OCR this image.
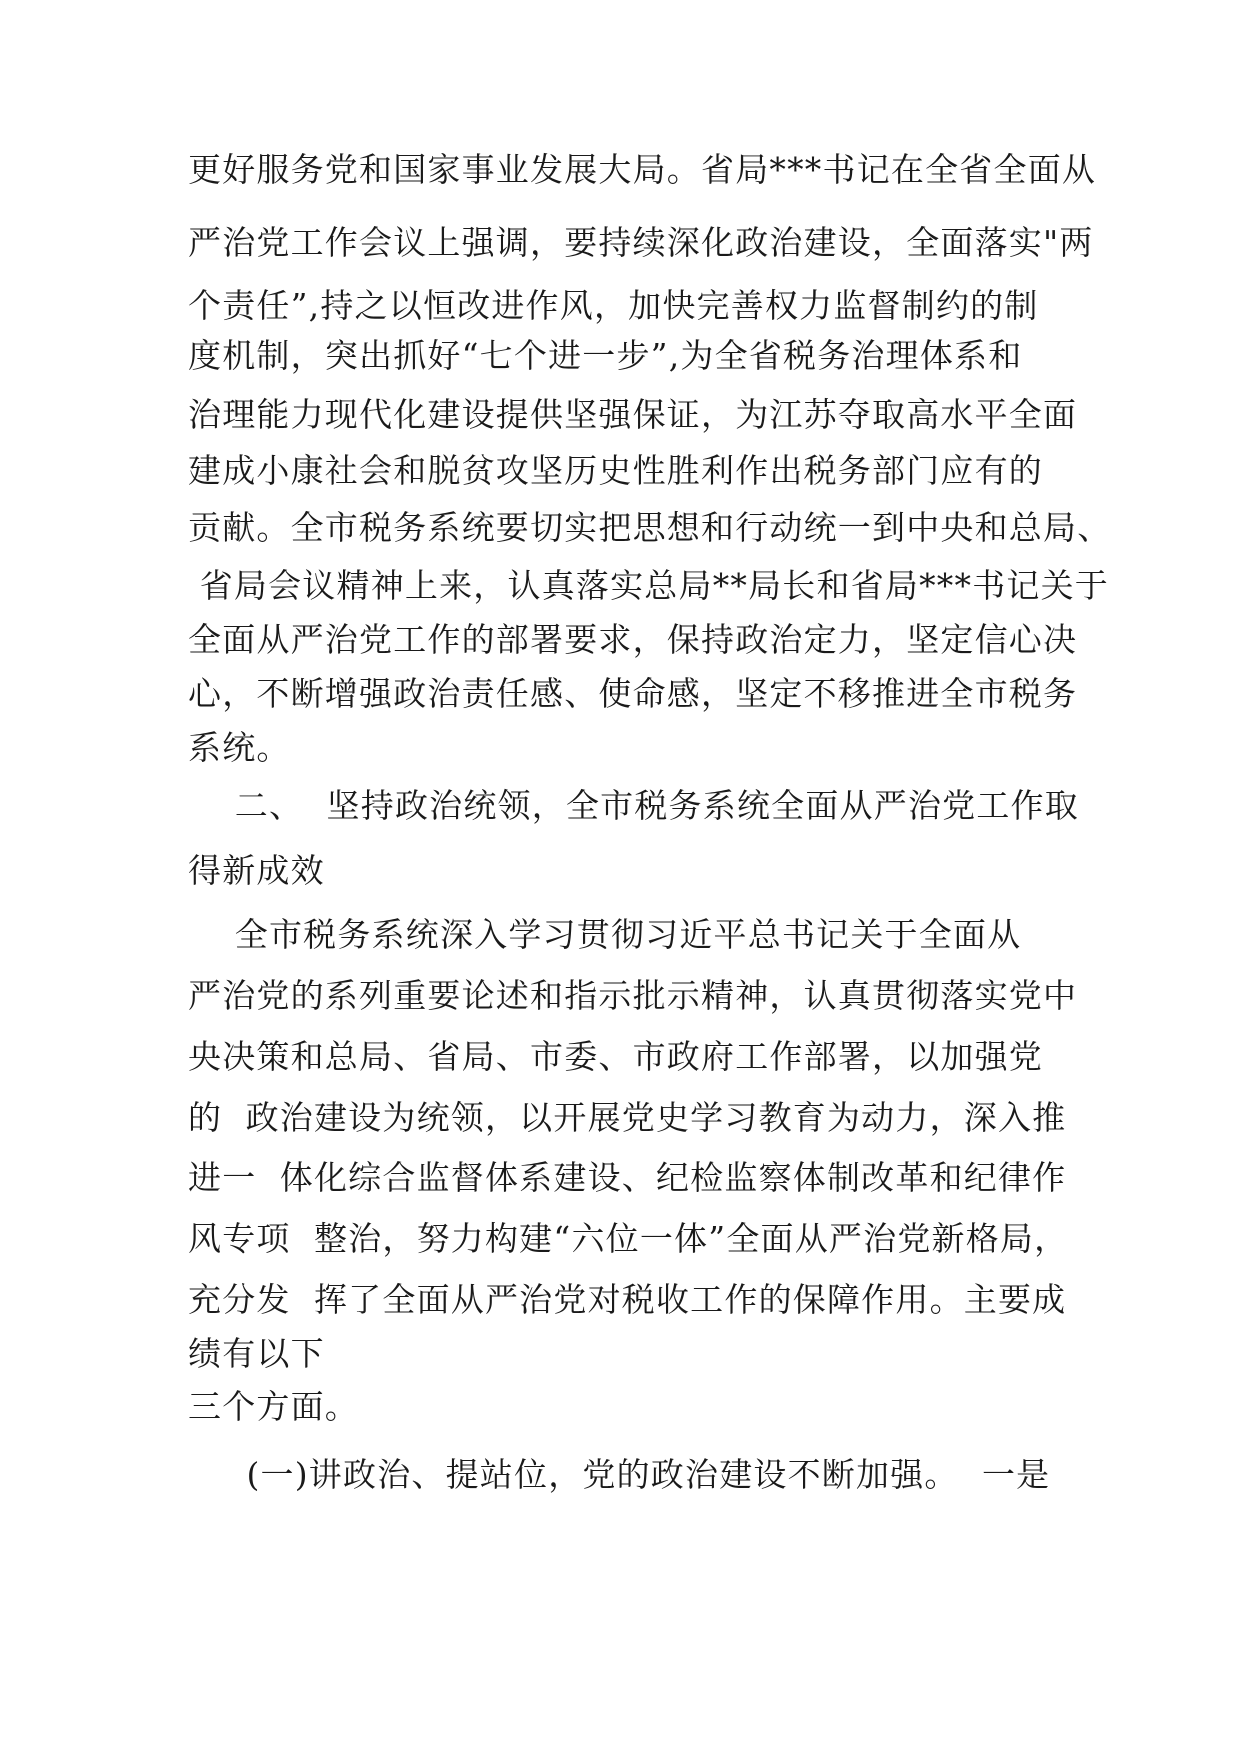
更好服务党和国家事业发展大局。省局***书记在全省全面从
严治党工作会议上强调，要持续深化政治建设，全面落实"两
个责任”,持之以恒改进作风，加快完善权力监督制约的制
度机制，突出抓好“七个进一步”,为全省税务治理体系和
治理能力现代化建设提供坚强保证，为江苏夺取高水平全面
建成小康社会和脱贫攻坚历史性胜利作出税务部门应有的
贡献。全市税务系统要切实把思想和行动统一到中央和总局、
省局会议精神上来，认真落实总局**局长和省局***书记关于
全面从严治党工作的部署要求，保持政治定力，坚定信心决
心，不断增强政治责任感、使命感，坚定不移推进全市税务
系统。
二、  坚持政治统领，全市税务系统全面从严治党工作取
得新成效
全市税务系统深入学习贯彻习近平总书记关于全面从
严治党的系列重要论述和指示批示精神，认真贯彻落实党中
央决策和总局、省局、市委、市政府工作部署，以加强党
的  政治建设为统领，以开展党史学习教育为动力，深入推
进一  体化综合监督体系建设、纪检监察体制改革和纪律作
风专项  整治，努力构建“六位一体”全面从严治党新格局，
充分发  挥了全面从严治党对税收工作的保障作用。主要成
绩有以下
三个方面。
(一)讲政治、提站位，党的政治建设不断加强。  一是
